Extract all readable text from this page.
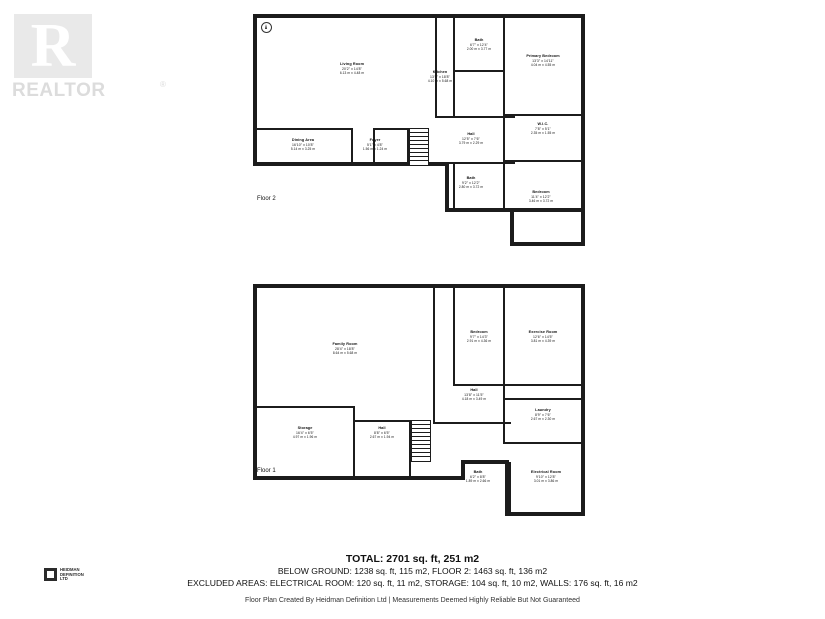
R
REALTOR	®
Living Room
20'2" x 14'8"
6.13 m x 4.48 m	Kitchen
13'6" x 18'8"
4.10 m x 5.68 m
Bath
6'7" x 12'4"
2.00 m x 3.77 m
Primary Bedroom
13'3" x 14'11"
4.04 m x 4.55 m
Dining Area
16'10" x 10'8"
5.14 m x 3.25 m
Foyer
5'1" x 4'8"
1.56 m x 1.24 m
Hall
12'5" x 7'6"
3.79 m x 2.29 m
W.I.C.
7'8" x 5'1"
2.35 m x 1.55 m
Bath
9'2" x 12'2"
2.80 m x 3.72 m
Bedroom
11'4" x 12'2"
3.46 m x 3.72 m
Floor 2
Family Room
28'4" x 18'8"
8.64 m x 5.68 m
Bedroom
9'7" x 14'3"
2.91 m x 4.36 m
Exercise Room
12'6" x 14'5"
3.81 m x 4.39 m
Hall
13'8" x 11'5"
4.18 m x 3.49 m
Laundry
8'9" x 7'6"
2.67 m x 2.30 m
Storage
16'4" x 6'5"
4.97 m x 1.96 m
Hall
8'8" x 6'5"
2.67 m x 1.94 m
Bath
6'2" x 8'8"
1.89 m x 2.66 m
Electrical Room
9'10" x 12'8"
3.01 m x 3.86 m
Floor 1
TOTAL: 2701 sq. ft, 251 m2
BELOW GROUND: 1238 sq. ft, 115 m2, FLOOR 2: 1463 sq. ft, 136 m2
EXCLUDED AREAS: ELECTRICAL ROOM: 120 sq. ft, 11 m2, STORAGE: 104 sq. ft, 10 m2, WALLS: 176 sq. ft, 16 m2
Floor Plan Created By Heidman Definition Ltd | Measurements Deemed Highly Reliable But Not Guaranteed
HEIDMAN
DEFINITION
LTD
